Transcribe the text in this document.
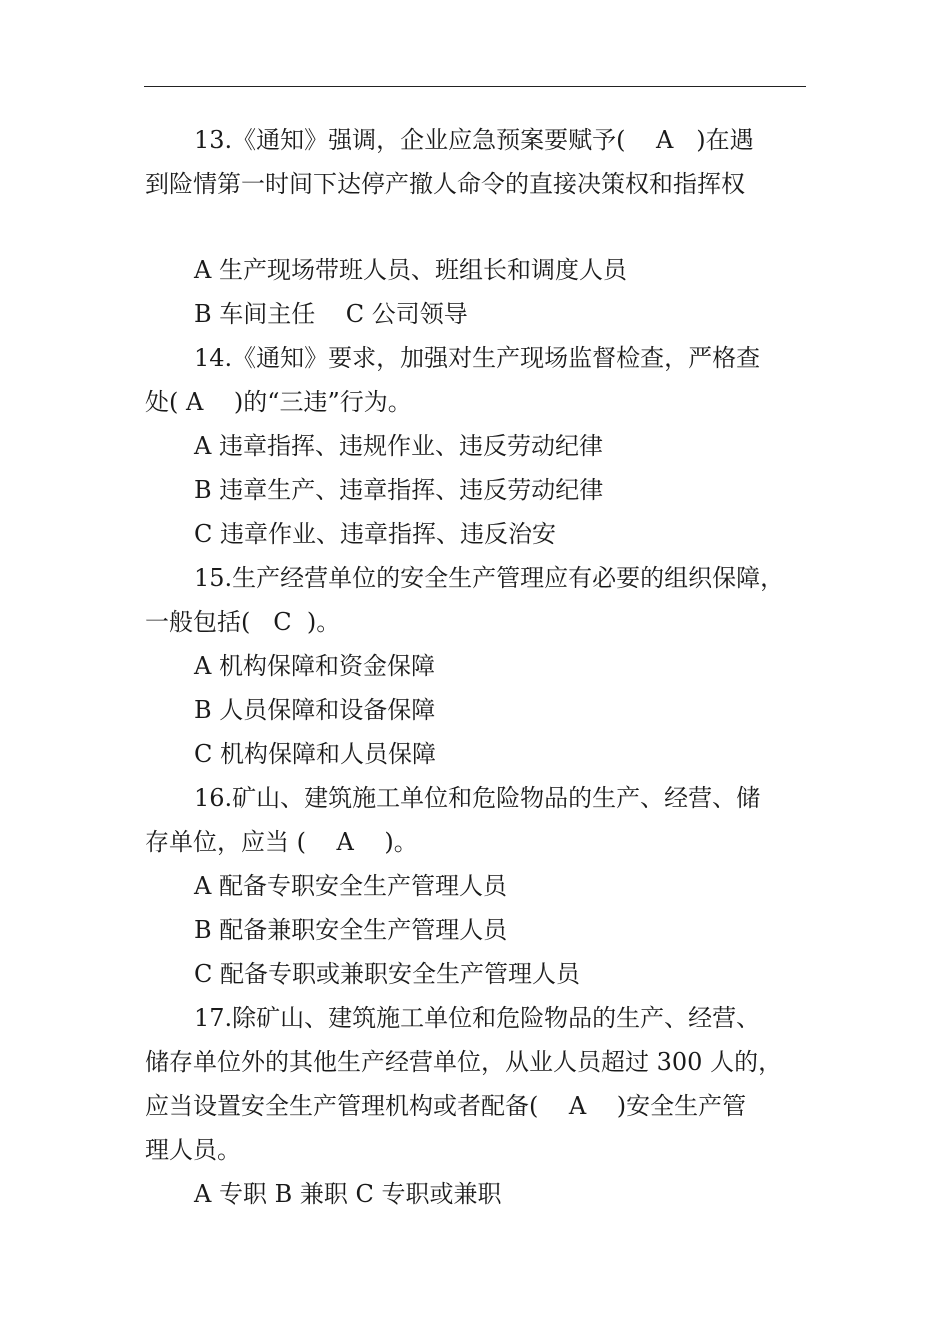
13.《通知》强调，企业应急预案要赋予(    A   )在遇
到险情第一时间下达停产撤人命令的直接决策权和指挥权
A 生产现场带班人员、班组长和调度人员
B 车间主任    C 公司领导
14.《通知》要求，加强对生产现场监督检查，严格查
处( A    )的“三违”行为。
A 违章指挥、违规作业、违反劳动纪律
B 违章生产、违章指挥、违反劳动纪律
C 违章作业、违章指挥、违反治安
15.生产经营单位的安全生产管理应有必要的组织保障，
一般包括(   C  )。
A 机构保障和资金保障
B 人员保障和设备保障
C 机构保障和人员保障
16.矿山、建筑施工单位和危险物品的生产、经营、储
存单位，应当 (    A    )。
A 配备专职安全生产管理人员
B 配备兼职安全生产管理人员
C 配备专职或兼职安全生产管理人员
17.除矿山、建筑施工单位和危险物品的生产、经营、
储存单位外的其他生产经营单位，从业人员超过 300 人的，
应当设置安全生产管理机构或者配备(    A    )安全生产管
理人员。
A 专职 B 兼职 C 专职或兼职
